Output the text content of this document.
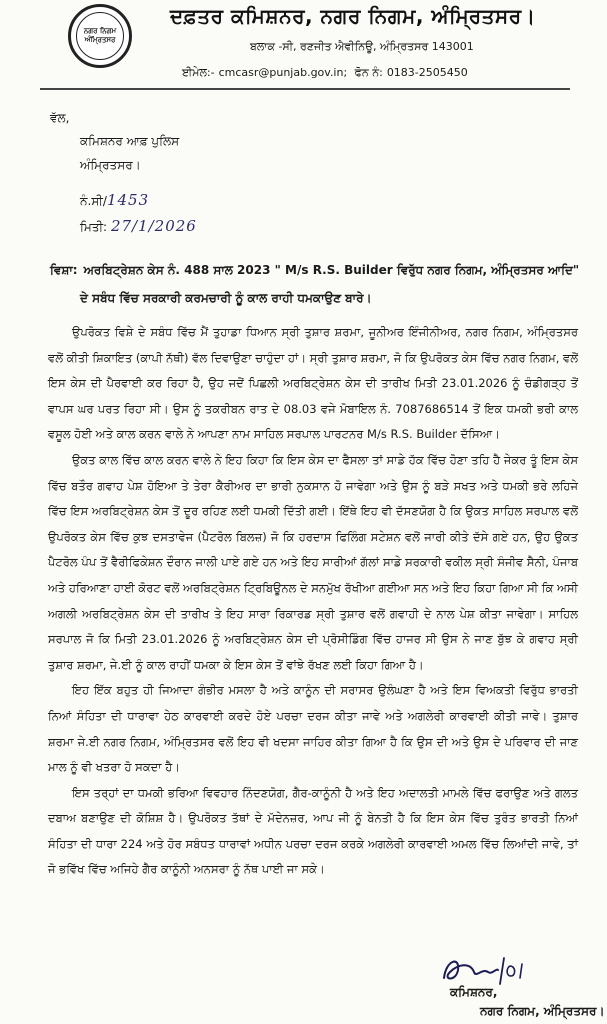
ਨਗਰ ਨਿਗਮ ਅੰਮ੍ਰਿਤਸਰ
ਦਫ਼ਤਰ ਕਮਿਸ਼ਨਰ, ਨਗਰ ਨਿਗਮ, ਅੰਮ੍ਰਿਤਸਰ।
ਬਲਾਕ -ਸੀ, ਰਣਜੀਤ ਐਵੀਨਿਊ, ਅੰਮ੍ਰਿਤਸਰ 143001
ਈਮੇਲ:- cmcasr@punjab.gov.in; ਫੋਨ ਨੰ: 0183-2505450
ਵੱਲ,
ਕਮਿਸ਼ਨਰ ਆਫ਼ ਪੁਲਿਸ
ਅੰਮ੍ਰਿਤਸਰ।
ਨੰ.ਸੀ/1453
ਮਿਤੀ: 27/1/2026
ਵਿਸ਼ਾ: ਅਰਬਿਟ੍ਰੇਸ਼ਨ ਕੇਸ ਨੰ. 488 ਸਾਲ 2023 " M/s R.S. Builder ਵਿਰੁੱਧ ਨਗਰ ਨਿਗਮ, ਅੰਮ੍ਰਿਤਸਰ ਆਦਿ"
ਦੇ ਸਬੰਧ ਵਿੱਚ ਸਰਕਾਰੀ ਕਰਮਚਾਰੀ ਨੂੰ ਕਾਲ ਰਾਹੀ ਧਮਕਾਉਣ ਬਾਰੇ।

ਉਪਰੋਕਤ ਵਿਸ਼ੇ ਦੇ ਸਬੰਧ ਵਿੱਚ ਮੈਂ ਤੁਹਾਡਾ ਧਿਆਨ ਸ੍ਰੀ ਤੁਸ਼ਾਰ ਸ਼ਰਮਾ, ਜੂਨੀਅਰ ਇੰਜੀਨੀਅਰ, ਨਗਰ ਨਿਗਮ, ਅੰਮ੍ਰਿਤਸਰ ਵਲੋਂ ਕੀਤੀ ਸ਼ਿਕਾਇਤ (ਕਾਪੀ ਨੱਥੀ) ਵੱਲ ਦਿਵਾਉਣਾ ਚਾਹੁੰਦਾ ਹਾਂ। ਸ੍ਰੀ ਤੁਸ਼ਾਰ ਸ਼ਰਮਾ, ਜੋ ਕਿ ਉਪਰੋਕਤ ਕੇਸ ਵਿੱਚ ਨਗਰ ਨਿਗਮ, ਵਲੋਂ ਇਸ ਕੇਸ ਦੀ ਪੈਰਵਾਈ ਕਰ ਰਿਹਾ ਹੈ, ਉਹ ਜਦੋਂ ਪਿਛਲੀ ਅਰਬਿਟ੍ਰੇਸ਼ਨ ਕੇਸ ਦੀ ਤਾਰੀਖ ਮਿਤੀ 23.01.2026 ਨੂੰ ਚੰਡੀਗੜ੍ਹ ਤੋਂ ਵਾਪਸ ਘਰ ਪਰਤ ਰਿਹਾ ਸੀ। ਉਸ ਨੂੰ ਤਕਰੀਬਨ ਰਾਤ ਦੇ 08.03 ਵਜੇ ਮੋਬਾਇਲ ਨੰ. 7087686514 ਤੋਂ ਇਕ ਧਮਕੀ ਭਰੀ ਕਾਲ ਵਸੂਲ ਹੋਈ ਅਤੇ ਕਾਲ ਕਰਨ ਵਾਲੇ ਨੇ ਆਪਣਾ ਨਾਮ ਸਾਹਿਲ ਸਰਪਾਲ ਪਾਰਟਨਰ M/s R.S. Builder ਦੱਸਿਆ।

ਉਕਤ ਕਾਲ ਵਿੱਚ ਕਾਲ ਕਰਨ ਵਾਲੇ ਨੇ ਇਹ ਕਿਹਾ ਕਿ ਇਸ ਕੇਸ ਦਾ ਫੈਸਲਾ ਤਾਂ ਸਾਡੇ ਹੱਕ ਵਿੱਚ ਹੋਣਾ ਤਹਿ ਹੈ ਜੇਕਰ ਤੂੰ ਇਸ ਕੇਸ ਵਿੱਚ ਬਤੌਰ ਗਵਾਹ ਪੇਸ਼ ਹੋਇਆ ਤੇ ਤੇਰਾ ਕੈਰੀਅਰ ਦਾ ਭਾਰੀ ਨੁਕਸਾਨ ਹੋ ਜਾਵੇਗਾ ਅਤੇ ਉਸ ਨੂੰ ਬੜੇ ਸਖਤ ਅਤੇ ਧਮਕੀ ਭਰੇ ਲਹਿਜੇ ਵਿੱਚ ਇਸ ਅਰਬਿਟ੍ਰੇਸ਼ਨ ਕੇਸ ਤੋਂ ਦੂਰ ਰਹਿਣ ਲਈ ਧਮਕੀ ਦਿੱਤੀ ਗਈ। ਇੱਥੇ ਇਹ ਵੀ ਦੱਸਣਯੋਗ ਹੈ ਕਿ ਉਕਤ ਸਾਹਿਲ ਸਰਪਾਲ ਵਲੋਂ ਉਪਰੋਕਤ ਕੇਸ ਵਿੱਚ ਕੁਝ ਦਸਤਾਵੇਜ (ਪੈਟਰੋਲ ਬਿਲਜ਼) ਜੋ ਕਿ ਹਰਦਾਸ ਫਿਲਿੰਗ ਸਟੇਸ਼ਨ ਵਲੋਂ ਜਾਰੀ ਕੀਤੇ ਦੱਸੇ ਗਏ ਹਨ, ਉਹ ਉਕਤ ਪੈਟਰੋਲ ਪੰਪ ਤੋਂ ਵੈਰੀਫਿਕੇਸ਼ਨ ਦੌਰਾਨ ਜਾਲੀ ਪਾਏ ਗਏ ਹਨ ਅਤੇ ਇਹ ਸਾਰੀਆਂ ਗੱਲਾਂ ਸਾਡੇ ਸਰਕਾਰੀ ਵਕੀਲ ਸ੍ਰੀ ਸੰਜੀਵ ਸੈਨੀ, ਪੰਜਾਬ ਅਤੇ ਹਰਿਆਣਾ ਹਾਈ ਕੋਰਟ ਵਲੋਂ ਅਰਬਿਟ੍ਰੇਸ਼ਨ ਟ੍ਰਿਬਿਊਨਲ ਦੇ ਸਨਮੁੱਖ ਰੱਖੀਆ ਗਈਆ ਸਨ ਅਤੇ ਇਹ ਕਿਹਾ ਗਿਆ ਸੀ ਕਿ ਅਸੀ ਅਗਲੀ ਅਰਬਿਟ੍ਰੇਸ਼ਨ ਕੇਸ ਦੀ ਤਾਰੀਖ ਤੇ ਇਹ ਸਾਰਾ ਰਿਕਾਰਡ ਸ੍ਰੀ ਤੁਸ਼ਾਰ ਵਲੋਂ ਗਵਾਹੀ ਦੇ ਨਾਲ ਪੇਸ਼ ਕੀਤਾ ਜਾਵੇਗਾ। ਸਾਹਿਲ ਸਰਪਾਲ ਜੋ ਕਿ ਮਿਤੀ 23.01.2026 ਨੂੰ ਅਰਬਿਟ੍ਰੇਸ਼ਨ ਕੇਸ ਦੀ ਪ੍ਰੋਸੀਡਿੰਗ ਵਿੱਚ ਹਾਜਰ ਸੀ ਉਸ ਨੇ ਜਾਣ ਬੁੱਝ ਕੇ ਗਵਾਹ ਸ੍ਰੀ ਤੁਸ਼ਾਰ ਸ਼ਰਮਾ, ਜੇ.ਈ ਨੂੰ ਕਾਲ ਰਾਹੀਂ ਧਮਕਾ ਕੇ ਇਸ ਕੇਸ ਤੋਂ ਵਾਂਝੇ ਰੱਖਣ ਲਈ ਕਿਹਾ ਗਿਆ ਹੈ।

ਇਹ ਇੱਕ ਬਹੁਤ ਹੀ ਜਿਆਦਾ ਗੰਭੀਰ ਮਸਲਾ ਹੈ ਅਤੇ ਕਾਨੂੰਨ ਦੀ ਸਰਾਸਰ ਉਲੰਘਣਾ ਹੈ ਅਤੇ ਇਸ ਵਿਅਕਤੀ ਵਿਰੁੱਧ ਭਾਰਤੀ ਨਿਆਂ ਸੰਹਿਤਾ ਦੀ ਧਾਰਾਵਾ ਹੇਠ ਕਾਰਵਾਈ ਕਰਦੇ ਹੋਏ ਪਰਚਾ ਦਰਜ ਕੀਤਾ ਜਾਵੇ ਅਤੇ ਅਗਲੇਰੀ ਕਾਰਵਾਈ ਕੀਤੀ ਜਾਵੇ। ਤੁਸ਼ਾਰ ਸ਼ਰਮਾ ਜੇ.ਈ ਨਗਰ ਨਿਗਮ, ਅੰਮ੍ਰਿਤਸਰ ਵਲੋਂ ਇਹ ਵੀ ਖਦਸਾ ਜਾਹਿਰ ਕੀਤਾ ਗਿਆ ਹੈ ਕਿ ਉਸ ਦੀ ਅਤੇ ਉਸ ਦੇ ਪਰਿਵਾਰ ਦੀ ਜਾਣ ਮਾਲ ਨੂੰ ਵੀ ਖਤਰਾ ਹੋ ਸਕਦਾ ਹੈ।

ਇਸ ਤਰ੍ਹਾਂ ਦਾ ਧਮਕੀ ਭਰਿਆ ਵਿਵਹਾਰ ਨਿੰਦਣਯੋਗ, ਗੈਰ-ਕਾਨੂੰਨੀ ਹੈ ਅਤੇ ਇਹ ਅਦਾਲਤੀ ਮਾਮਲੇ ਵਿੱਚ ਫਰਾਉਣ ਅਤੇ ਗਲਤ ਦਬਾਅ ਬਣਾਉਣ ਦੀ ਕੋਸ਼ਿਸ਼ ਹੈ। ਉਪਰੋਕਤ ਤੱਥਾਂ ਦੇ ਮੱਦੇਨਜ਼ਰ, ਆਪ ਜੀ ਨੂੰ ਬੇਨਤੀ ਹੈ ਕਿ ਇਸ ਕੇਸ ਵਿੱਚ ਤੁਰੰਤ ਭਾਰਤੀ ਨਿਆਂ ਸੰਹਿਤਾ ਦੀ ਧਾਰਾ 224 ਅਤੇ ਹੋਰ ਸਬੰਧਤ ਧਾਰਾਵਾਂ ਅਧੀਨ ਪਰਚਾ ਦਰਜ ਕਰਕੇ ਅਗਲੇਰੀ ਕਾਰਵਾਈ ਅਮਲ ਵਿੱਚ ਲਿਆਂਦੀ ਜਾਵੇ, ਤਾਂ ਜੋ ਭਵਿੱਖ ਵਿੱਚ ਅਜਿਹੇ ਗੈਰ ਕਾਨੂੰਨੀ ਅਨਸਰਾ ਨੂੰ ਨੱਥ ਪਾਈ ਜਾ ਸਕੇ।

ਕਮਿਸ਼ਨਰ,
ਨਗਰ ਨਿਗਮ, ਅੰਮ੍ਰਿਤਸਰ।
